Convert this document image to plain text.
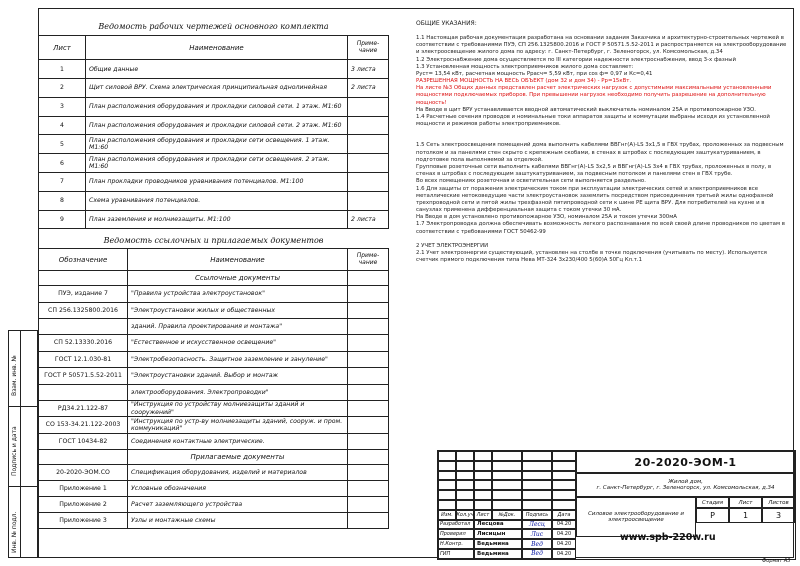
Взам. инв. №
Подпись и дата
Инв. № подл.
Ведомость рабочих чертежей основного комплекта
Лист	Наименование	Приме-
чание
1	Общие данные	3 листа
2	Щит силовой ВРУ. Схема электрическая принципиальная однолинейная	2 листа
3	План расположения оборудования и прокладки силовой сети. 1 этаж. М1:60	
4	План расположения оборудования и прокладки силовой сети. 2 этаж. М1:60	
5	План расположения оборудования и прокладки сети освещения. 1 этаж. М1:60	
6	План расположения оборудования и прокладки сети освещения. 2 этаж. М1:60	
7	План прокладки проводников уравнивания потенциалов. М1:100	
8	Схема уравнивания потенциалов.	
9	План заземления и молниезащиты. М1:100	2 листа
Ведомость ссылочных и прилагаемых документов
Обозначение	Наименование	Приме-
чание
	Ссылочные документы	
ПУЭ, издание 7	"Правила устройства электроустановок"	
СП 256.1325800.2016	"Электроустановки жилых и общественных	
	зданий. Правила проектирования и монтажа"	
СП 52.13330.2016	"Естественное и искусственное освещение"	
ГОСТ 12.1.030-81	"Электробезопасность. Защитное заземление и зануление"	
ГОСТ Р 50571.5.52-2011	"Электроустановки зданий. Выбор и монтаж	
	электрооборудования. Электропроводки"	
РД34.21.122-87	"Инструкция по устройству молниезащиты зданий и сооружений"	
СО 153-34.21.122-2003	"Инструкция по устр-ву молниезащиты зданий, сооруж. и пром. коммуникаций"	
ГОСТ 10434-82	Соединения контактные электрические.	
	Прилагаемые документы	
20-2020-ЭОМ.СО	Спецификация оборудования, изделий и материалов	
Приложение 1	Условные обозначения	
Приложение 2	Расчет заземляющего устройства	
Приложение 3	Узлы и монтажные схемы	

ОБЩИЕ УКАЗАНИЯ:

1.1 Настоящая рабочая документация разработана на основании задания Заказчика и архитектурно-строительных чертежей в соответствии с требованиями ПУЭ, СП 256.1325800.2016 и ГОСТ Р 50571.5.52-2011 и распространяется на электрооборудование и электроосвещение жилого дома по адресу: г. Санкт-Петербург, г. Зеленогорск, ул. Комсомольская, д.34

1.2 Электроснабжение дома осуществляется по III категории надежности электроснабжения, ввод 3-х фазный

1.3 Установленная мощность электроприемников жилого дома составляет:

Руст= 13,54 кВт, расчетная мощность Ррасч= 5,59 кВт, при cos ф= 0,97 и Кс=0,41

РАЗРЕШЕННАЯ МОЩНОСТЬ НА ВЕСЬ ОБЪЕКТ (дом 32 и дом 34) - Рр=15кВт.

На листе №3 Общих данных представлен расчет электрических нагрузок с допустимыми максимальными установленными мощностями подключаемых приборов. При превышении нагрузок необходимо получить разрешение на дополнительную мощность!

На Вводе в щит ВРУ устанавливается вводной автоматический выключатель номиналом 25А и противопожарное УЗО.

1.4 Расчетные сечения проводов и номинальные токи аппаратов защиты и коммутации выбраны исходя из установленной мощности и режимов работы электроприемников.

1.5 Сеть электроосвещения помещений дома выполнить кабелями ВВГнг(А)-LS 3х1,5 в ГВХ трубах, проложенных за подвесным потолком и за панелями стен скрыто с крепежным скобами, в стенах в штробах с последующим заштукатуриванием, в подготовке пола выполняемой за отделкой.

Групповые розеточные сети выполнить кабелями ВВГнг(А)-LS 3х2,5 и ВВГнг(А)-LS 3х4 в ГВХ трубах, проложенных в полу, в стенах в штробах с последующим заштукатуриванием, за подвесным потолком и панелями стен в ГВХ трубе.

Во всех помещениях розеточная и осветительная сети выполняется раздельно.

1.6 Для защиты от поражения электрическим током при эксплуатации электрических сетей и электроприемников все металлические нетоковедущие части электроустановок заземлить посредством присоединения третьей жилы однофазной трехпроводной сети и пятой жилы трехфазной пятипроводной сети к шине PE щита ВРУ. Для потребителей на кухне и в санузлах применена дифференциальная защита с током утечки 30 мА.

На Вводе в дом установлено противопожарное УЗО, номиналом 25А и током утечки 300мА

1.7 Электропроводка должна обеспечивать возможность легкого распознавания по всей своей длине проводников по цветам в соответствии с требованиями ГОСТ 50462-99

2 УЧЕТ ЭЛЕКТРОЭНЕРГИИ

2.1 Учет электроэнергии существующий, установлен на столбе в точке подключения (учитывать по месту). Используется счетчик прямого подключения типа Нева МТ-324 3х230/400 5(60)А 50Гц Кл.т.1

Изм. Кол.уч Лист	№Док.	Подпись	Дата
Разработал	Лесцова	Лесц	04.20
Проверил	Лисицын	Лис	04.20
Н.Контр.	Ведьмина	Вед	04.20
ГИП	Ведьмина	Вед	04.20
20-2020-ЭОМ-1
Жилой дом,
г. Санкт-Петербург, г. Зеленогорск, ул. Комсомольская, д.34
Силовое электрооборудование и электроосвещение
Стадия	Лист	Листов
Р	1	3
www.spb-220w.ru
Формат А3
